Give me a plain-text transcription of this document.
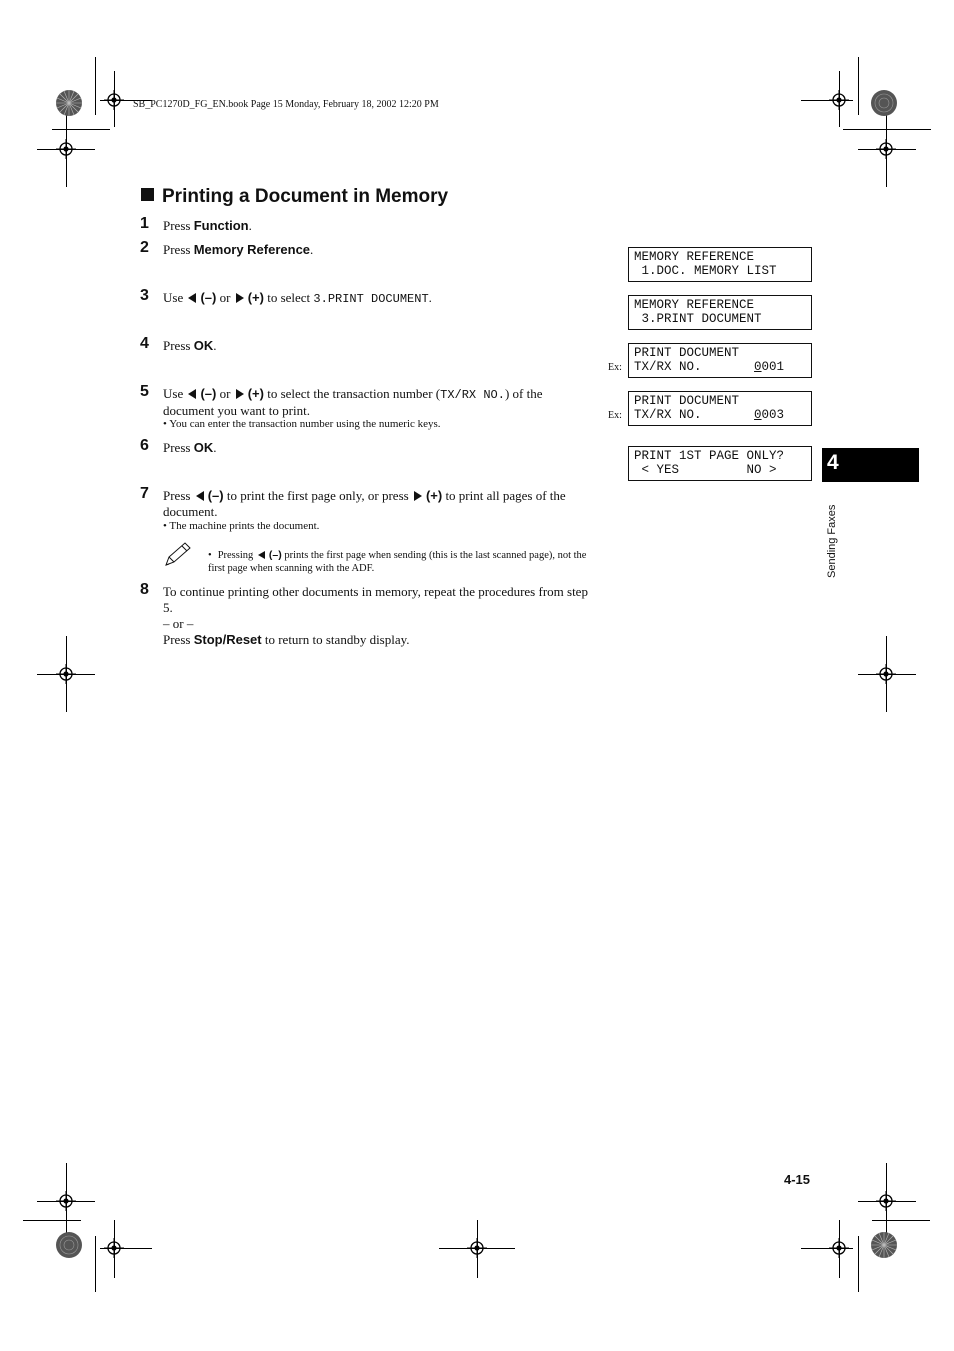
SB_PC1270D_FG_EN.book Page 15 Monday, February 18, 2002 12:20 PM
Printing a Document in Memory
1 Press Function.
2 Press Memory Reference.
3 Use (–) or (+) to select 3.PRINT DOCUMENT.
4 Press OK.
5 Use (–) or (+) to select the transaction number (TX/RX NO.) of the document you want to print.
• You can enter the transaction number using the numeric keys.
6 Press OK.
7 Press (–) to print the first page only, or press (+) to print all pages of the document.
• The machine prints the document.
• Pressing (–) prints the first page when sending (this is the last scanned page), not the first page when scanning with the ADF.
8 To continue printing other documents in memory, repeat the procedures from step 5.
– or –
Press Stop/Reset to return to standby display.
MEMORY REFERENCE
1.DOC. MEMORY LIST
MEMORY REFERENCE
3.PRINT DOCUMENT
Ex:
PRINT DOCUMENT
TX/RX NO.       0001
Ex:
PRINT DOCUMENT
TX/RX NO.       0003
PRINT 1ST PAGE ONLY?
< YES         NO > 4
Sending Faxes
4-15
